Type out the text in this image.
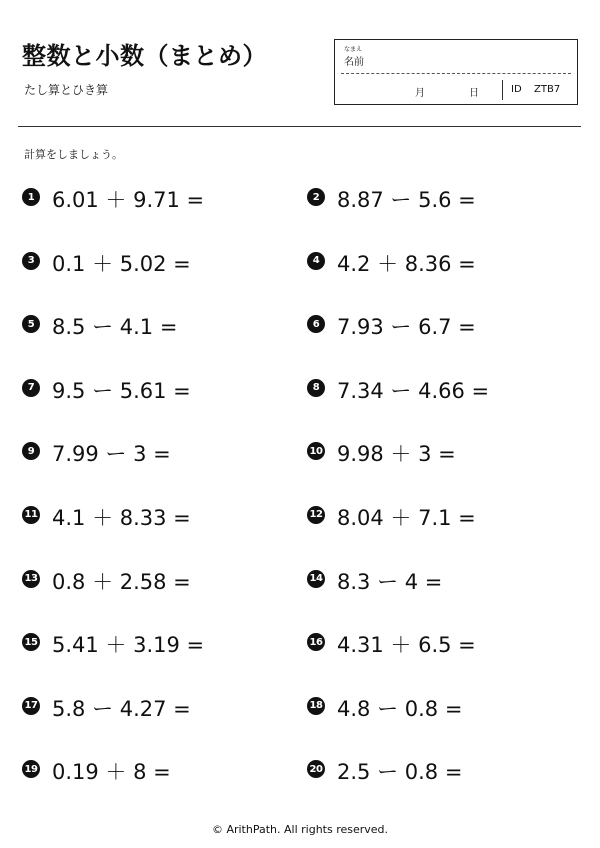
整数と小数（まとめ）
たし算とひき算
なまえ
名前
月	日	ID ZTB7
計算をしましょう。
1 6.01 ＋ 9.71 =	2 8.87 ー 5.6 =
3 0.1 ＋ 5.02 =	4 4.2 ＋ 8.36 =
5 8.5 ー 4.1 =	6 7.93 ー 6.7 =
7 9.5 ー 5.61 =	8 7.34 ー 4.66 =
9 7.99 ー 3 =	10 9.98 ＋ 3 =
11 4.1 ＋ 8.33 =	12 8.04 ＋ 7.1 =
13 0.8 ＋ 2.58 =	14 8.3 ー 4 =
15 5.41 ＋ 3.19 =	16 4.31 ＋ 6.5 =
17 5.8 ー 4.27 =	18 4.8 ー 0.8 =
19 0.19 ＋ 8 =	20 2.5 ー 0.8 =
© ArithPath. All rights reserved.
